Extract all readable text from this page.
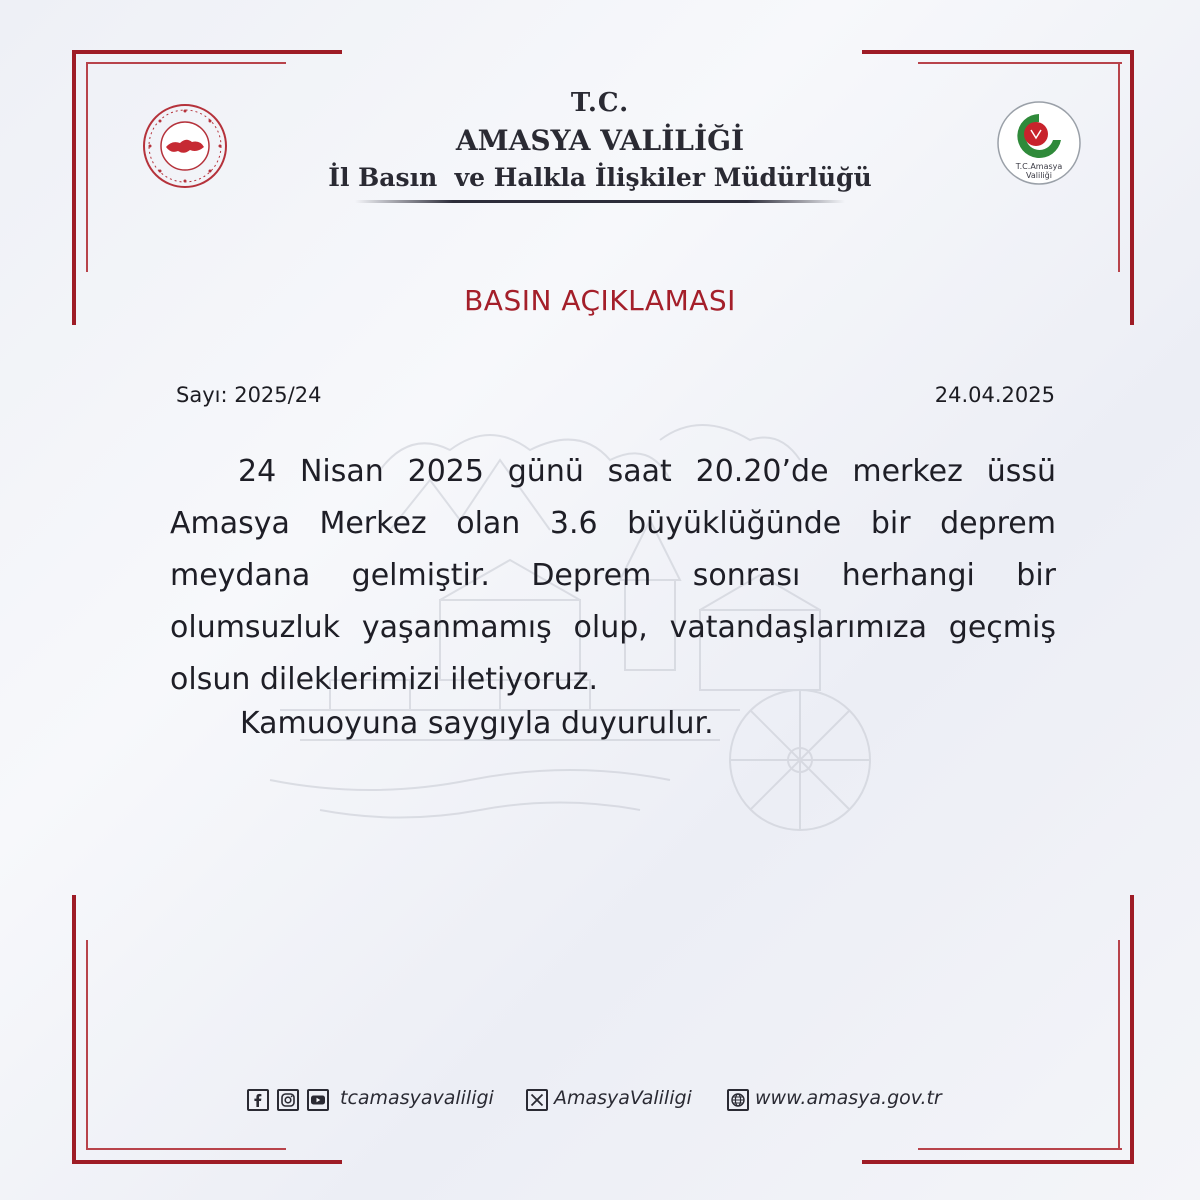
T.C.Amasya Valiliği
T.C.
AMASYA VALİLİĞİ
İl Basın  ve Halkla İlişkiler Müdürlüğü
BASIN AÇIKLAMASI
Sayı: 2025/24	24.04.2025

24 Nisan 2025 günü saat 20.20’de merkez üssü Amasya Merkez olan 3.6 büyüklüğünde bir deprem meydana gelmiştir. Deprem sonrası herhangi bir olumsuzluk yaşanmamış olup, vatandaşlarımıza geçmiş olsun dileklerimizi iletiyoruz.

Kamuoyuna saygıyla duyurulur.
tcamasyavaliligi	AmasyaValiligi	www.amasya.gov.tr
